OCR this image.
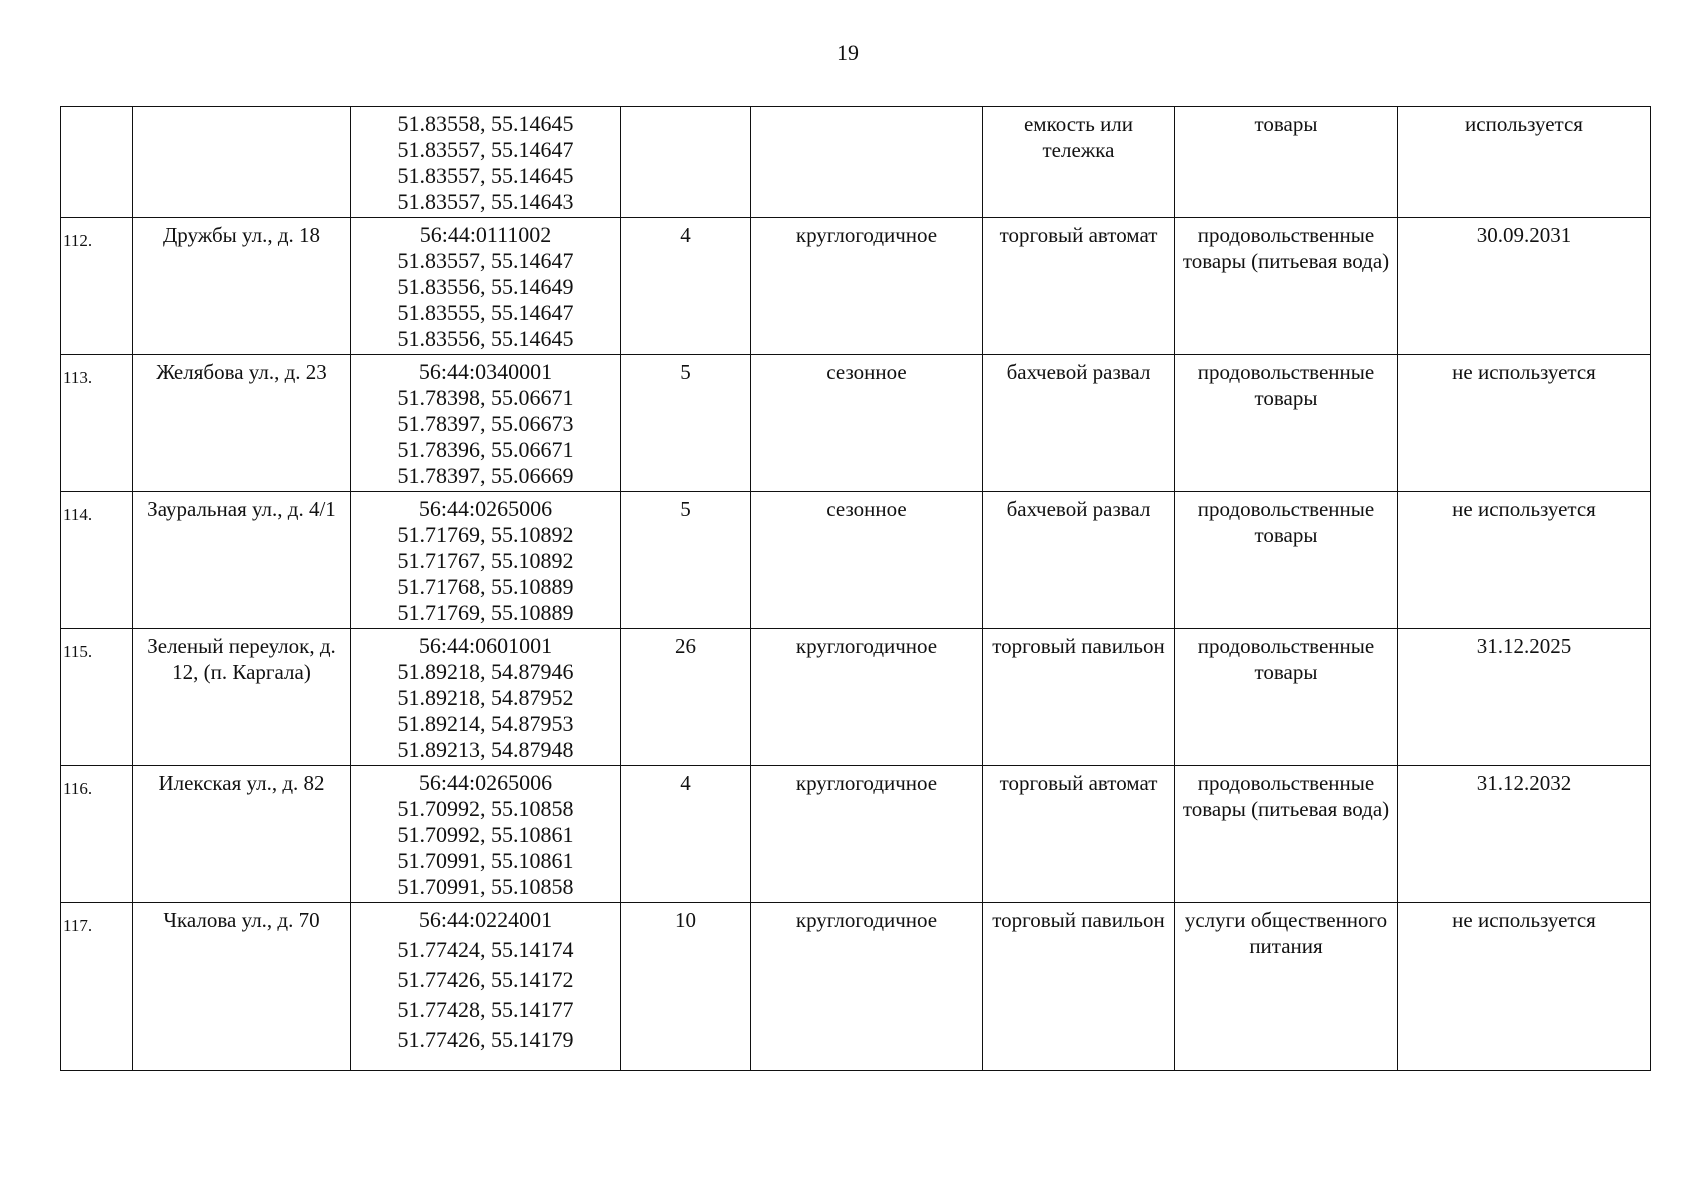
19

		51.83558, 55.14645
51.83557, 55.14647
51.83557, 55.14645
51.83557, 55.14643			емкость или тележка	товары	используется
112.	Дружбы ул., д. 18	56:44:0111002
51.83557, 55.14647
51.83556, 55.14649
51.83555, 55.14647
51.83556, 55.14645	4	круглогодичное	торговый автомат	продовольственные товары (питьевая вода)	30.09.2031
113.	Желябова ул., д. 23	56:44:0340001
51.78398, 55.06671
51.78397, 55.06673
51.78396, 55.06671
51.78397, 55.06669	5	сезонное	бахчевой развал	продовольственные товары	не используется
114.	Зауральная ул., д. 4/1	56:44:0265006
51.71769, 55.10892
51.71767, 55.10892
51.71768, 55.10889
51.71769, 55.10889	5	сезонное	бахчевой развал	продовольственные товары	не используется
115.	Зеленый переулок, д. 12, (п. Каргала)	56:44:0601001
51.89218, 54.87946
51.89218, 54.87952
51.89214, 54.87953
51.89213, 54.87948	26	круглогодичное	торговый павильон	продовольственные товары	31.12.2025
116.	Илекская ул., д. 82	56:44:0265006
51.70992, 55.10858
51.70992, 55.10861
51.70991, 55.10861
51.70991, 55.10858	4	круглогодичное	торговый автомат	продовольственные товары (питьевая вода)	31.12.2032
117.	Чкалова ул., д. 70	56:44:0224001
51.77424, 55.14174
51.77426, 55.14172
51.77428, 55.14177
51.77426, 55.14179	10	круглогодичное	торговый павильон	услуги общественного питания	не используется
